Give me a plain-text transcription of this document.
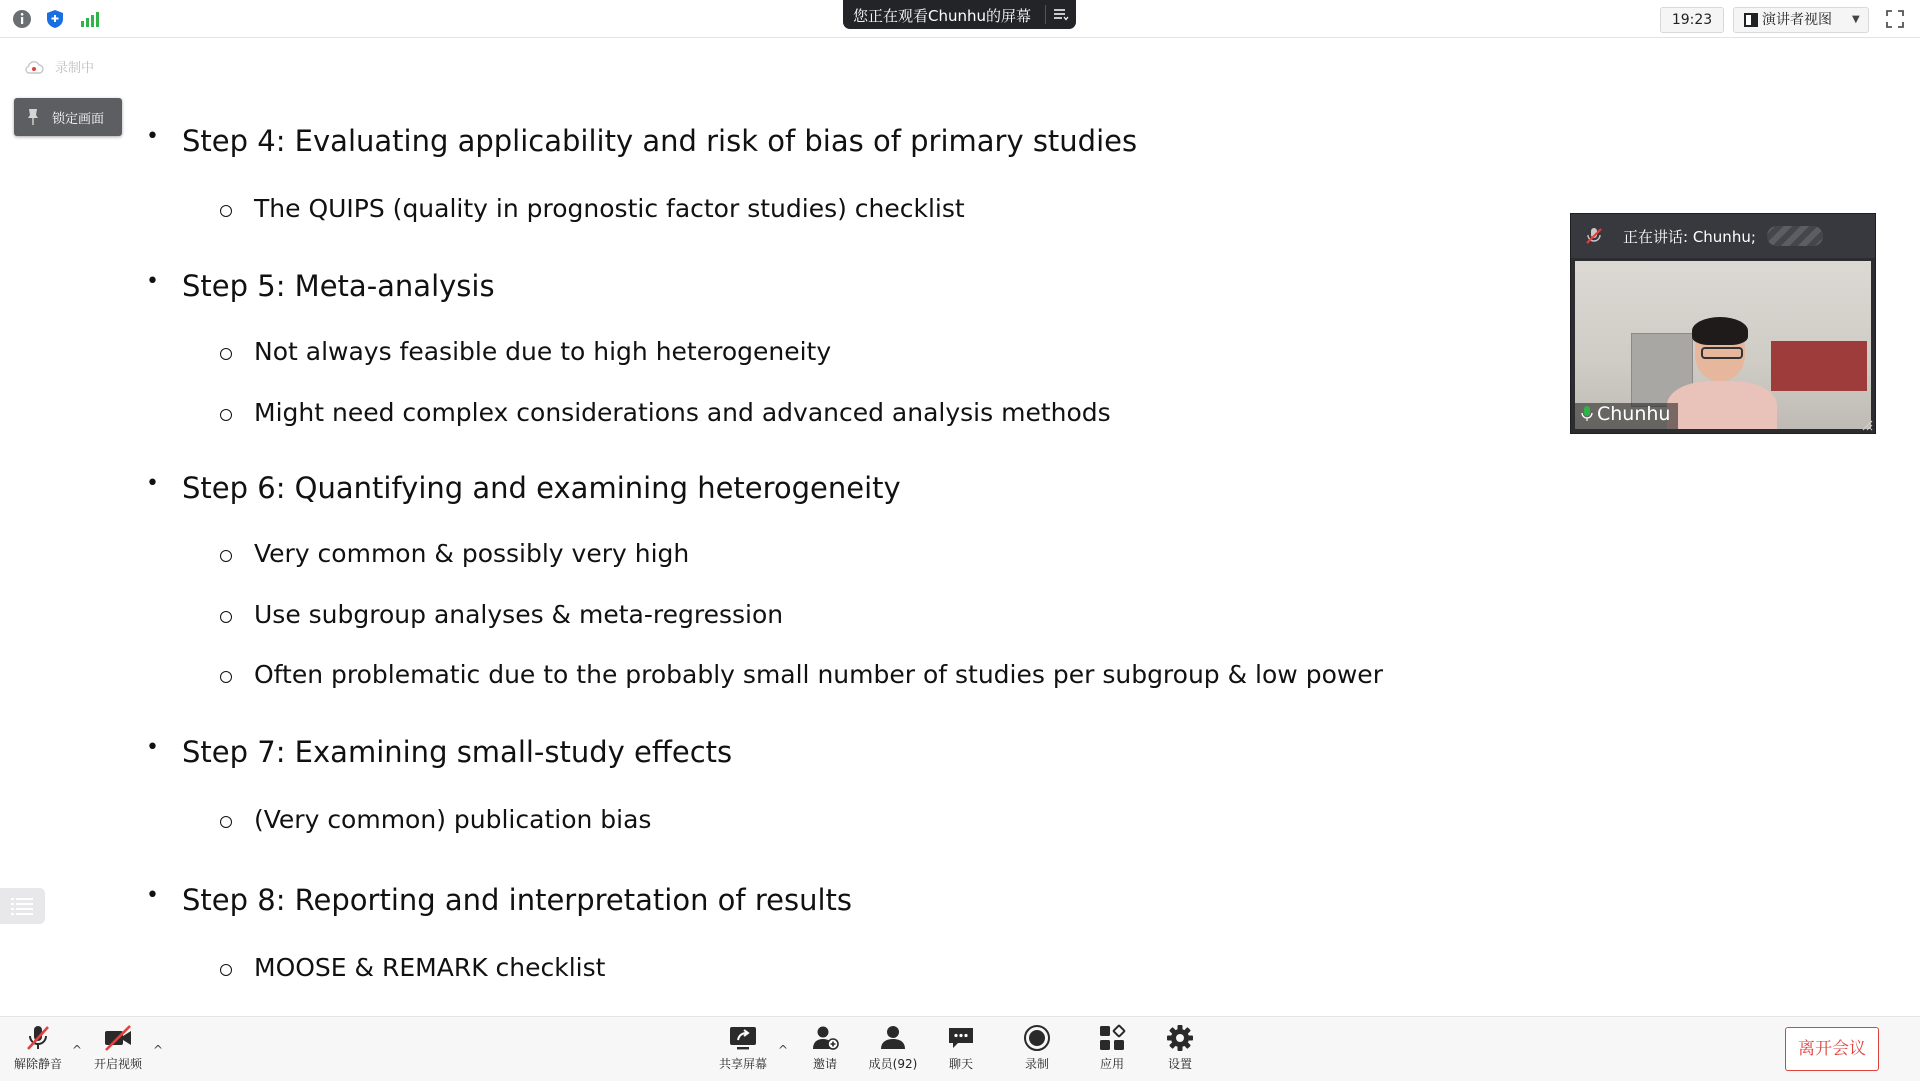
您正在观看Chunhu的屏幕	19:23	演讲者视图 ▼
录制中
锁定画面
• Step 4: Evaluating applicability and risk of bias of primary studies
The QUIPS (quality in prognostic factor studies) checklist
• Step 5: Meta-analysis
Not always feasible due to high heterogeneity
Might need complex considerations and advanced analysis methods
• Step 6: Quantifying and examining heterogeneity
Very common & possibly very high
Use subgroup analyses & meta-regression
Often problematic due to the probably small number of studies per subgroup & low power
• Step 7: Examining small-study effects
(Very common) publication bias
• Step 8: Reporting and interpretation of results
MOOSE & REMARK checklist
正在讲话: Chunhu;
Chunhu
解除静音
^
开启视频
^
共享屏幕
^
邀请	成员(92)	聊天	录制	应用	设置
离开会议
